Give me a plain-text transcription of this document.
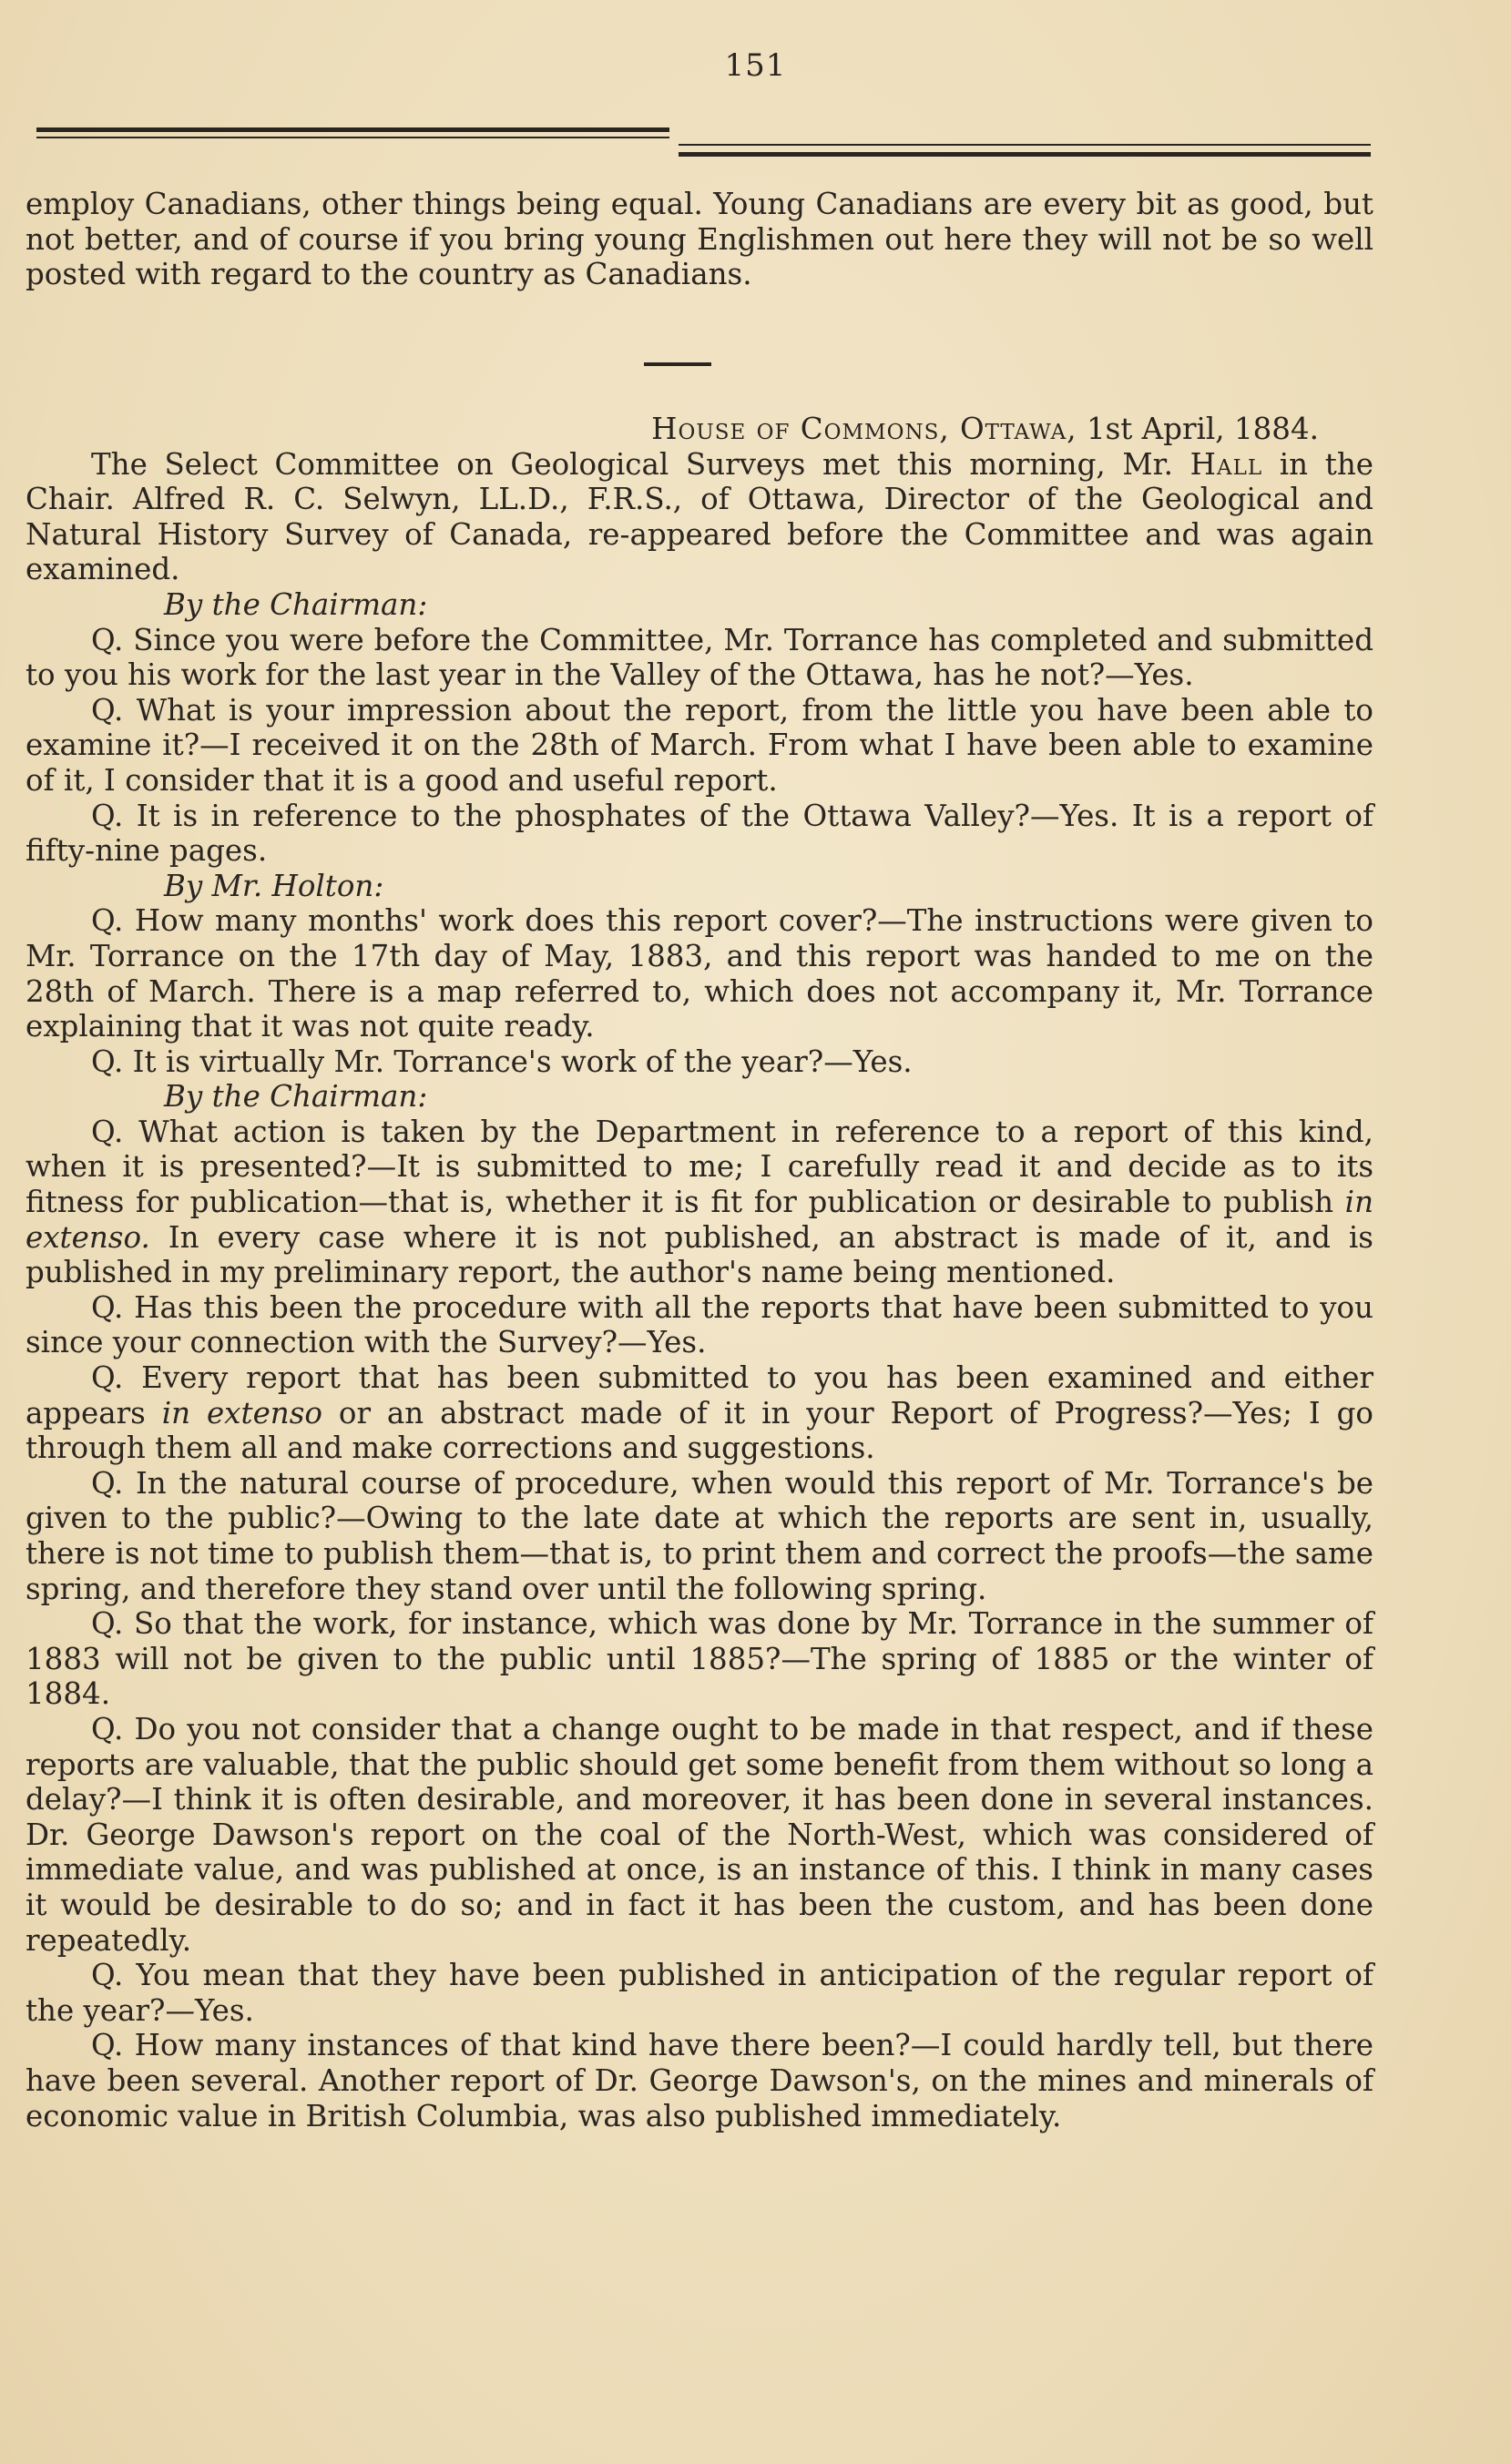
151

employ Canadians, other things being equal. Young Canadians are every bit as good, but not better, and of course if you bring young Englishmen out here they will not be so well posted with regard to the country as Canadians.

House of Commons, Ottawa, 1st April, 1884.

The Select Committee on Geological Surveys met this morning, Mr. Hall in the Chair. Alfred R. C. Selwyn, LL.D., F.R.S., of Ottawa, Director of the Geological and Natural History Survey of Canada, re-appeared before the Committee and was again examined.

By the Chairman:

Q. Since you were before the Committee, Mr. Torrance has completed and submitted to you his work for the last year in the Valley of the Ottawa, has he not?—Yes.

Q. What is your impression about the report, from the little you have been able to examine it?—I received it on the 28th of March. From what I have been able to examine of it, I consider that it is a good and useful report.

Q. It is in reference to the phosphates of the Ottawa Valley?—Yes. It is a report of fifty-nine pages.

By Mr. Holton:

Q. How many months' work does this report cover?—The instructions were given to Mr. Torrance on the 17th day of May, 1883, and this report was handed to me on the 28th of March. There is a map referred to, which does not accompany it, Mr. Torrance explaining that it was not quite ready.

Q. It is virtually Mr. Torrance's work of the year?—Yes.

By the Chairman:

Q. What action is taken by the Department in reference to a report of this kind, when it is presented?—It is submitted to me; I carefully read it and decide as to its fitness for publication—that is, whether it is fit for publication or desirable to publish in extenso. In every case where it is not published, an abstract is made of it, and is published in my preliminary report, the author's name being mentioned.

Q. Has this been the procedure with all the reports that have been submitted to you since your connection with the Survey?—Yes.

Q. Every report that has been submitted to you has been examined and either appears in extenso or an abstract made of it in your Report of Progress?—Yes; I go through them all and make corrections and suggestions.

Q. In the natural course of procedure, when would this report of Mr. Torrance's be given to the public?—Owing to the late date at which the reports are sent in, usually, there is not time to publish them—that is, to print them and correct the proofs—the same spring, and therefore they stand over until the following spring.

Q. So that the work, for instance, which was done by Mr. Torrance in the summer of 1883 will not be given to the public until 1885?—The spring of 1885 or the winter of 1884.

Q. Do you not consider that a change ought to be made in that respect, and if these reports are valuable, that the public should get some benefit from them without so long a delay?—I think it is often desirable, and moreover, it has been done in several instances. Dr. George Dawson's report on the coal of the North-West, which was considered of immediate value, and was published at once, is an instance of this. I think in many cases it would be desirable to do so; and in fact it has been the custom, and has been done repeatedly.

Q. You mean that they have been published in anticipation of the regular report of the year?—Yes.

Q. How many instances of that kind have there been?—I could hardly tell, but there have been several. Another report of Dr. George Dawson's, on the mines and minerals of economic value in British Columbia, was also published immediately.
